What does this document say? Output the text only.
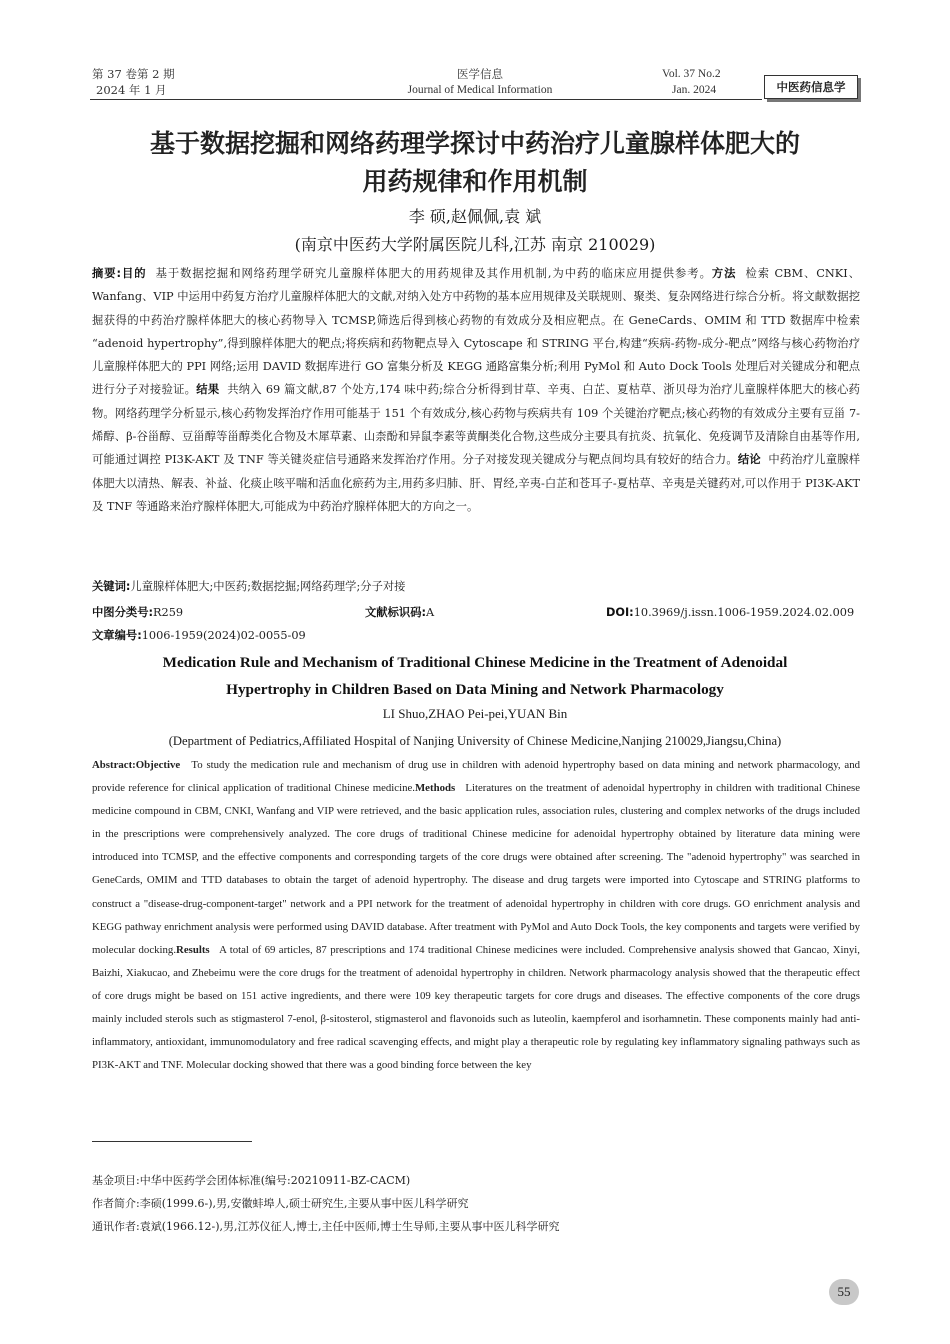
第 37 卷第 2 期
2024 年 1 月
医学信息
Journal of Medical Information
Vol. 37 No.2
Jan. 2024	中医药信息学
基于数据挖掘和网络药理学探讨中药治疗儿童腺样体肥大的
用药规律和作用机制
李 硕,赵佩佩,袁 斌
(南京中医药大学附属医院儿科,江苏 南京 210029)
摘要:目的 基于数据挖掘和网络药理学研究儿童腺样体肥大的用药规律及其作用机制,为中药的临床应用提供参考。方法 检索 CBM、CNKI、Wanfang、VIP 中运用中药复方治疗儿童腺样体肥大的文献,对纳入处方中药物的基本应用规律及关联规则、聚类、复杂网络进行综合分析。将文献数据挖掘获得的中药治疗腺样体肥大的核心药物导入 TCMSP,筛选后得到核心药物的有效成分及相应靶点。在 GeneCards、OMIM 和 TTD 数据库中检索 “adenoid hypertrophy”,得到腺样体肥大的靶点;将疾病和药物靶点导入 Cytoscape 和 STRING 平台,构建“疾病-药物-成分-靶点”网络与核心药物治疗儿童腺样体肥大的 PPI 网络;运用 DAVID 数据库进行 GO 富集分析及 KEGG 通路富集分析;利用 PyMol 和 Auto Dock Tools 处理后对关键成分和靶点进行分子对接验证。结果 共纳入 69 篇文献,87 个处方,174 味中药;综合分析得到甘草、辛夷、白芷、夏枯草、浙贝母为治疗儿童腺样体肥大的核心药物。网络药理学分析显示,核心药物发挥治疗作用可能基于 151 个有效成分,核心药物与疾病共有 109 个关键治疗靶点;核心药物的有效成分主要有豆甾 7-烯醇、β-谷甾醇、豆甾醇等甾醇类化合物及木犀草素、山柰酚和异鼠李素等黄酮类化合物,这些成分主要具有抗炎、抗氧化、免疫调节及清除自由基等作用,可能通过调控 PI3K-AKT 及 TNF 等关键炎症信号通路来发挥治疗作用。分子对接发现关键成分与靶点间均具有较好的结合力。结论 中药治疗儿童腺样体肥大以清热、解表、补益、化痰止咳平喘和活血化瘀药为主,用药多归肺、肝、胃经,辛夷-白芷和苍耳子-夏枯草、辛夷是关键药对,可以作用于 PI3K-AKT 及 TNF 等通路来治疗腺样体肥大,可能成为中药治疗腺样体肥大的方向之一。
关键词:儿童腺样体肥大;中医药;数据挖掘;网络药理学;分子对接
中图分类号:R259	文献标识码:A	DOI:10.3969/j.issn.1006-1959.2024.02.009
文章编号:1006-1959(2024)02-0055-09
Medication Rule and Mechanism of Traditional Chinese Medicine in the Treatment of Adenoidal
Hypertrophy in Children Based on Data Mining and Network Pharmacology
LI Shuo,ZHAO Pei-pei,YUAN Bin
(Department of Pediatrics,Affiliated Hospital of Nanjing University of Chinese Medicine,Nanjing 210029,Jiangsu,China)
Abstract:Objective To study the medication rule and mechanism of drug use in children with adenoid hypertrophy based on data mining and network pharmacology, and provide reference for clinical application of traditional Chinese medicine.Methods Literatures on the treatment of adenoidal hypertrophy in children with traditional Chinese medicine compound in CBM, CNKI, Wanfang and VIP were retrieved, and the basic application rules, association rules, clustering and complex networks of the drugs included in the prescriptions were comprehensively analyzed. The core drugs of traditional Chinese medicine for adenoidal hypertrophy obtained by literature data mining were introduced into TCMSP, and the effective components and corresponding targets of the core drugs were obtained after screening. The "adenoid hypertrophy" was searched in GeneCards, OMIM and TTD databases to obtain the target of adenoid hypertrophy. The disease and drug targets were imported into Cytoscape and STRING platforms to construct a "disease-drug-component-target" network and a PPI network for the treatment of adenoidal hypertrophy in children with core drugs. GO enrichment analysis and KEGG pathway enrichment analysis were performed using DAVID database. After treatment with PyMol and Auto Dock Tools, the key components and targets were verified by molecular docking.Results A total of 69 articles, 87 prescriptions and 174 traditional Chinese medicines were included. Comprehensive analysis showed that Gancao, Xinyi, Baizhi, Xiakucao, and Zhebeimu were the core drugs for the treatment of adenoidal hypertrophy in children. Network pharmacology analysis showed that the therapeutic effect of core drugs might be based on 151 active ingredients, and there were 109 key therapeutic targets for core drugs and diseases. The effective components of the core drugs mainly included sterols such as stigmasterol 7-enol, β-sitosterol, stigmasterol and flavonoids such as luteolin, kaempferol and isorhamnetin. These components mainly had anti-inflammatory, antioxidant, immunomodulatory and free radical scavenging effects, and might play a therapeutic role by regulating key inflammatory signaling pathways such as PI3K-AKT and TNF. Molecular docking showed that there was a good binding force between the key
基金项目:中华中医药学会团体标准(编号:20210911-BZ-CACM)
作者简介:李硕(1999.6-),男,安徽蚌埠人,硕士研究生,主要从事中医儿科学研究
通讯作者:袁斌(1966.12-),男,江苏仪征人,博士,主任中医师,博士生导师,主要从事中医儿科学研究
55
